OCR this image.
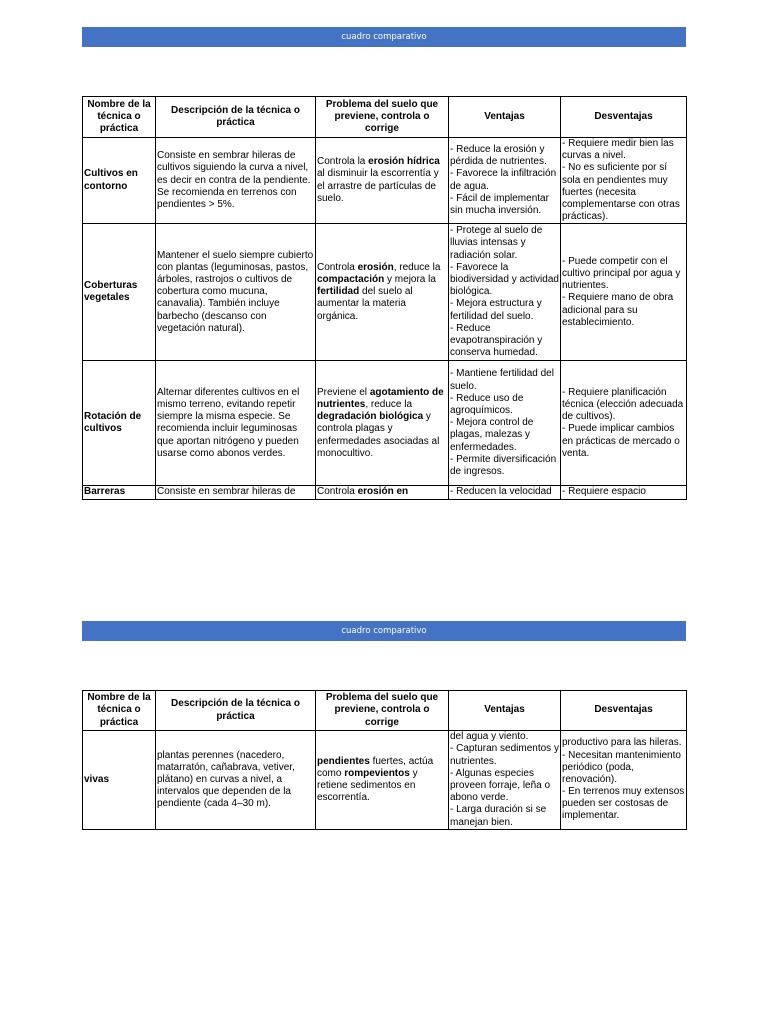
cuadro comparativo
Nombre de la técnica o práctica	Descripción de la técnica o práctica	Problema del suelo que previene, controla o corrige	Ventajas	Desventajas
Cultivos en contorno	Consiste en sembrar hileras de cultivos siguiendo la curva a nivel, es decir en contra de la pendiente. Se recomienda en terrenos con pendientes > 5%.	Controla la erosión hídrica al disminuir la escorrentía y el arrastre de partículas de suelo.	- Reduce la erosión y pérdida de nutrientes.
- Favorece la infiltración de agua.
- Fácil de implementar sin mucha inversión.	- Requiere medir bien las curvas a nivel.
- No es suficiente por sí sola en pendientes muy fuertes (necesita complementarse con otras prácticas).

Coberturas vegetales	Mantener el suelo siempre cubierto con plantas (leguminosas, pastos, árboles, rastrojos o cultivos de cobertura como mucuna, canavalia). También incluye barbecho (descanso con vegetación natural).	Controla erosión, reduce la compactación y mejora la fertilidad del suelo al aumentar la materia orgánica.	- Protege al suelo de lluvias intensas y radiación solar.
- Favorece la biodiversidad y actividad biológica.
- Mejora estructura y fertilidad del suelo.
- Reduce evapotranspiración y conserva humedad.	- Puede competir con el cultivo principal por agua y nutrientes.
- Requiere mano de obra adicional para su establecimiento.

Rotación de cultivos	Alternar diferentes cultivos en el mismo terreno, evitando repetir siempre la misma especie. Se recomienda incluir leguminosas que aportan nitrógeno y pueden usarse como abonos verdes.	Previene el agotamiento de nutrientes, reduce la degradación biológica y controla plagas y enfermedades asociadas al monocultivo.	- Mantiene fertilidad del suelo.
- Reduce uso de agroquímicos.
- Mejora control de plagas, malezas y enfermedades.
- Permite diversificación de ingresos.	- Requiere planificación técnica (elección adecuada de cultivos).
- Puede implicar cambios en prácticas de mercado o venta.

Barreras	Consiste en sembrar hileras de	Controla erosión en	- Reducen la velocidad	- Requiere espacio
cuadro comparativo
Nombre de la técnica o práctica	Descripción de la técnica o práctica	Problema del suelo que previene, controla o corrige	Ventajas	Desventajas
vivas	plantas perennes (nacedero, matarratón, cañabrava, vetiver, plátano) en curvas a nivel, a intervalos que dependen de la pendiente (cada 4–30 m).	pendientes fuertes, actúa como rompevientos y retiene sedimentos en escorrentía.	del agua y viento.
- Capturan sedimentos y nutrientes.
- Algunas especies proveen forraje, leña o abono verde.
- Larga duración si se manejan bien.	productivo para las hileras.
- Necesitan mantenimiento periódico (poda, renovación).
- En terrenos muy extensos pueden ser costosas de implementar.
